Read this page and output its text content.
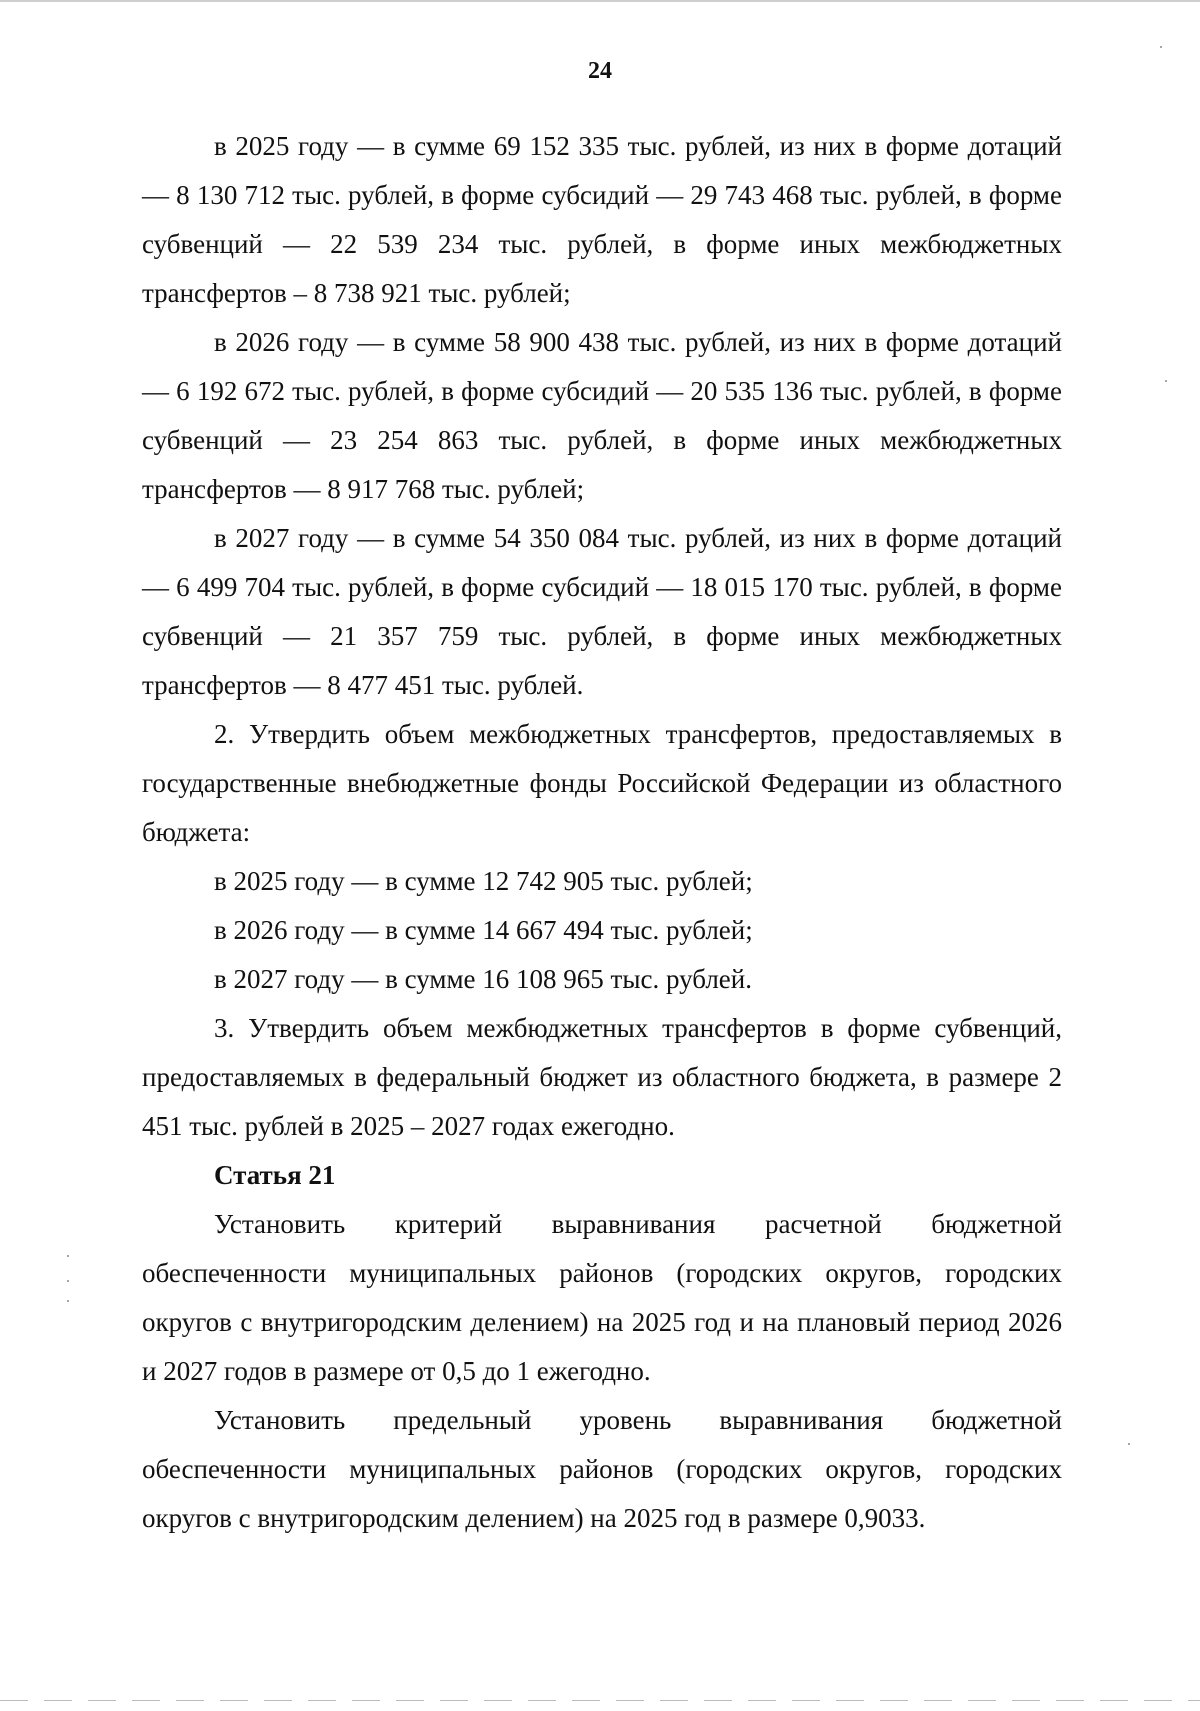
24

в 2025 году — в сумме 69 152 335 тыс. рублей, из них в форме дотаций — 8 130 712 тыс. рублей, в форме субсидий — 29 743 468 тыс. рублей, в форме субвенций — 22 539 234 тыс. рублей, в форме иных межбюджетных трансфертов – 8 738 921 тыс. рублей;

в 2026 году — в сумме 58 900 438 тыс. рублей, из них в форме дотаций — 6 192 672 тыс. рублей, в форме субсидий — 20 535 136 тыс. рублей, в форме субвенций — 23 254 863 тыс. рублей, в форме иных межбюджетных трансфертов — 8 917 768 тыс. рублей;

в 2027 году — в сумме 54 350 084 тыс. рублей, из них в форме дотаций — 6 499 704 тыс. рублей, в форме субсидий — 18 015 170 тыс. рублей, в форме субвенций — 21 357 759 тыс. рублей, в форме иных межбюджетных трансфертов — 8 477 451 тыс. рублей.

2. Утвердить объем межбюджетных трансфертов, предоставляемых в государственные внебюджетные фонды Российской Федерации из областного бюджета:

в 2025 году — в сумме 12 742 905 тыс. рублей;

в 2026 году — в сумме 14 667 494 тыс. рублей;

в 2027 году — в сумме 16 108 965 тыс. рублей.

3. Утвердить объем межбюджетных трансфертов в форме субвенций, предоставляемых в федеральный бюджет из областного бюджета, в размере 2 451 тыс. рублей в 2025 – 2027 годах ежегодно.

Статья 21

Установить критерий выравнивания расчетной бюджетной обеспеченности муниципальных районов (городских округов, городских округов с внутригородским делением) на 2025 год и на плановый период 2026 и 2027 годов в размере от 0,5 до 1 ежегодно.

Установить предельный уровень выравнивания бюджетной обеспеченности муниципальных районов (городских округов, городских округов с внутригородским делением) на 2025 год в размере 0,9033.
